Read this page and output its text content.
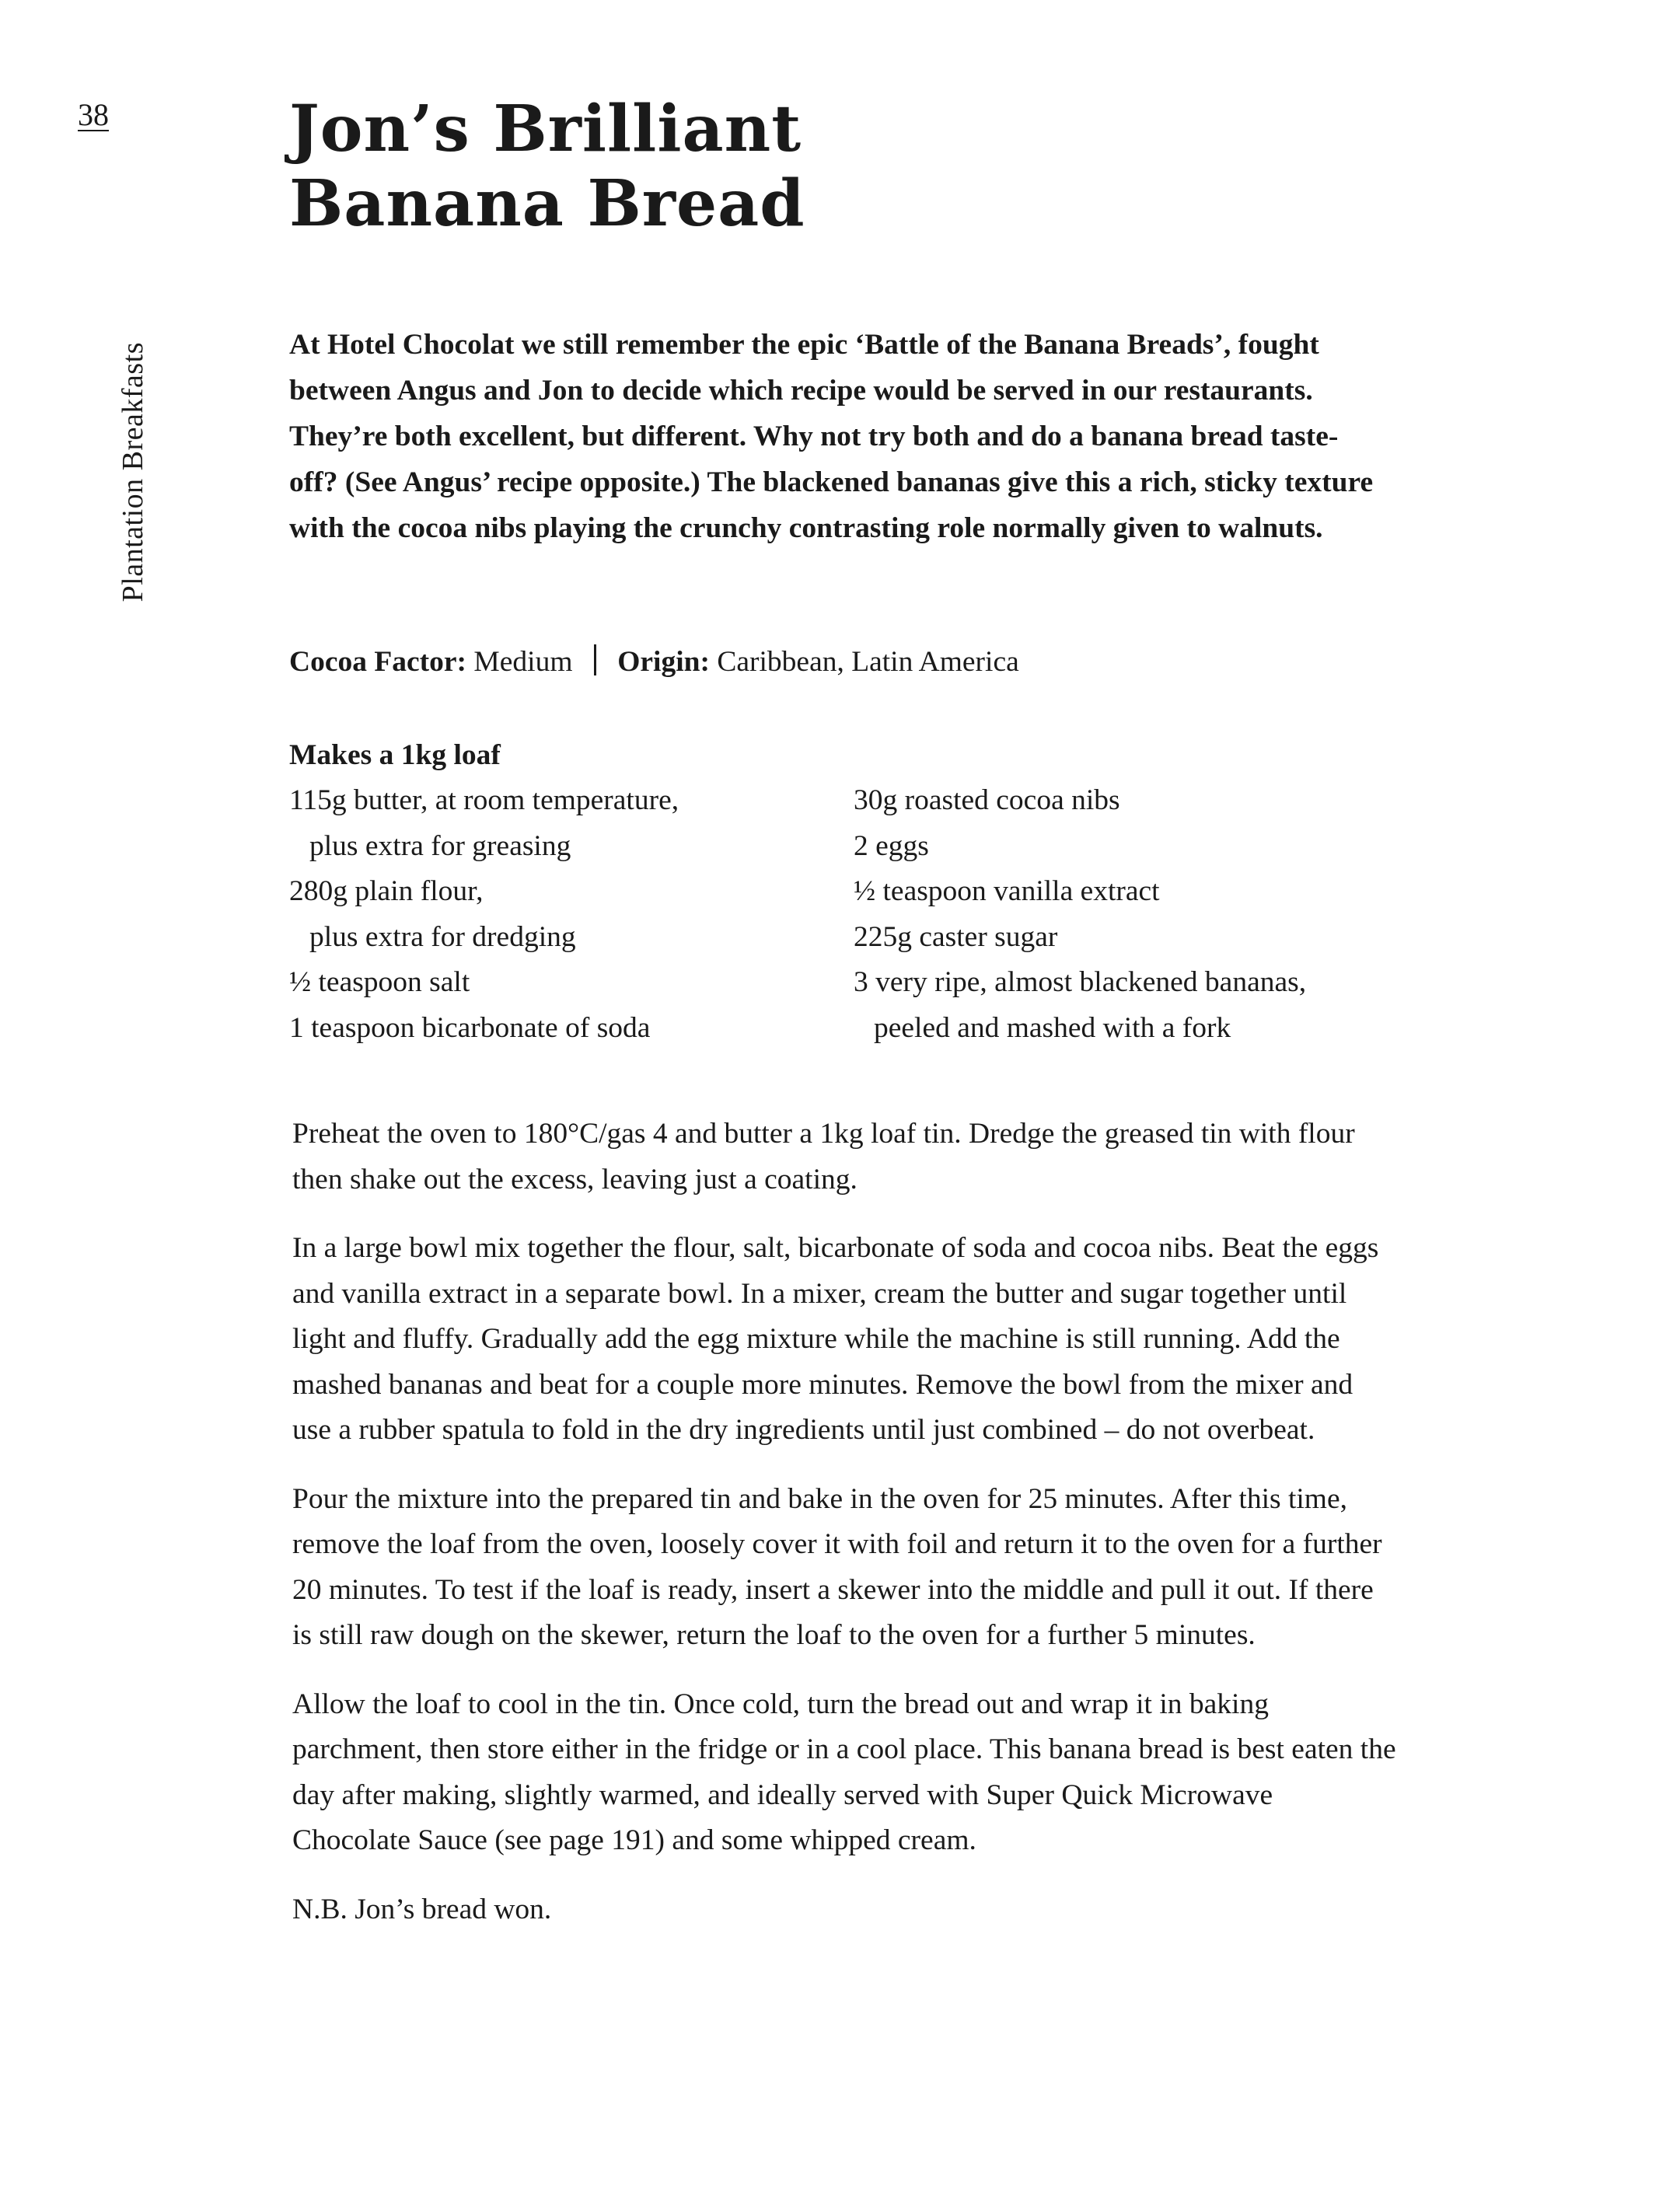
38
Plantation Breakfasts
Jon’s Brilliant
Banana Bread

At Hotel Chocolat we still remember the epic ‘Battle of the Banana Breads’, fought between Angus and Jon to decide which recipe would be served in our restaurants. They’re both excellent, but different. Why not try both and do a banana bread taste-off? (See Angus’ recipe opposite.) The blackened bananas give this a rich, sticky texture with the cocoa nibs playing the crunchy contrasting role normally given to walnuts.

Cocoa Factor: Medium Origin: Caribbean, Latin America
Makes a 1kg loaf
115g butter, at room temperature,
plus extra for greasing
280g plain flour,
plus extra for dredging
½ teaspoon salt
1 teaspoon bicarbonate of soda
30g roasted cocoa nibs
2 eggs
½ teaspoon vanilla extract
225g caster sugar
3 very ripe, almost blackened bananas,
peeled and mashed with a fork

Preheat the oven to 180°C/gas 4 and butter a 1kg loaf tin. Dredge the greased tin with flour then shake out the excess, leaving just a coating.

In a large bowl mix together the flour, salt, bicarbonate of soda and cocoa nibs. Beat the eggs and vanilla extract in a separate bowl. In a mixer, cream the butter and sugar together until light and fluffy. Gradually add the egg mixture while the machine is still running. Add the mashed bananas and beat for a couple more minutes. Remove the bowl from the mixer and use a rubber spatula to fold in the dry ingredients until just combined – do not overbeat.

Pour the mixture into the prepared tin and bake in the oven for 25 minutes. After this time, remove the loaf from the oven, loosely cover it with foil and return it to the oven for a further 20 minutes. To test if the loaf is ready, insert a skewer into the middle and pull it out. If there is still raw dough on the skewer, return the loaf to the oven for a further 5 minutes.

Allow the loaf to cool in the tin. Once cold, turn the bread out and wrap it in baking parchment, then store either in the fridge or in a cool place. This banana bread is best eaten the day after making, slightly warmed, and ideally served with Super Quick Microwave Chocolate Sauce (see page 191) and some whipped cream.

N.B. Jon’s bread won.
